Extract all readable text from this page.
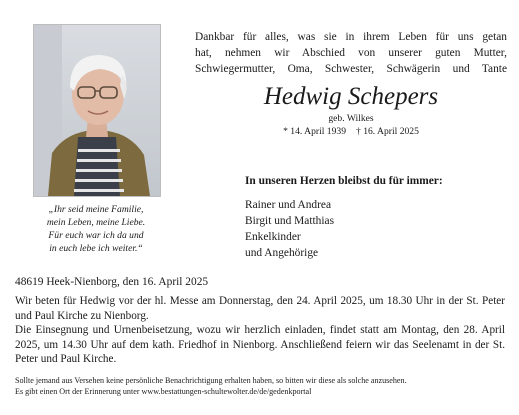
„Ihr seid meine Familie,
mein Leben, meine Liebe.
Für euch war ich da und
in euch lebe ich weiter.“
Dankbar für alles, was sie in ihrem Leben für uns getan
hat, nehmen wir Abschied von unserer guten Mutter,
Schwiegermutter, Oma, Schwester, Schwägerin und Tante
Hedwig Schepers
geb. Wilkes
* 14. April 1939 † 16. April 2025
In unseren Herzen bleibst du für immer:
Rainer und Andrea
Birgit und Matthias
Enkelkinder
und Angehörige
48619 Heek-Nienborg, den 16. April 2025

Wir beten für Hedwig vor der hl. Messe am Donnerstag, den 24. April 2025, um 18.30 Uhr in der St. Peter und Paul Kirche zu Nienborg.

Die Einsegnung und Urnenbeisetzung, wozu wir herzlich einladen, findet statt am Montag, den 28. April 2025, um 14.30 Uhr auf dem kath. Friedhof in Nienborg. Anschließend feiern wir das Seelenamt in der St. Peter und Paul Kirche.

Sollte jemand aus Versehen keine persönliche Benachrichtigung erhalten haben, so bitten wir diese als solche anzusehen.
Es gibt einen Ort der Erinnerung unter www.bestattungen-schultewolter.de/de/gedenkportal
